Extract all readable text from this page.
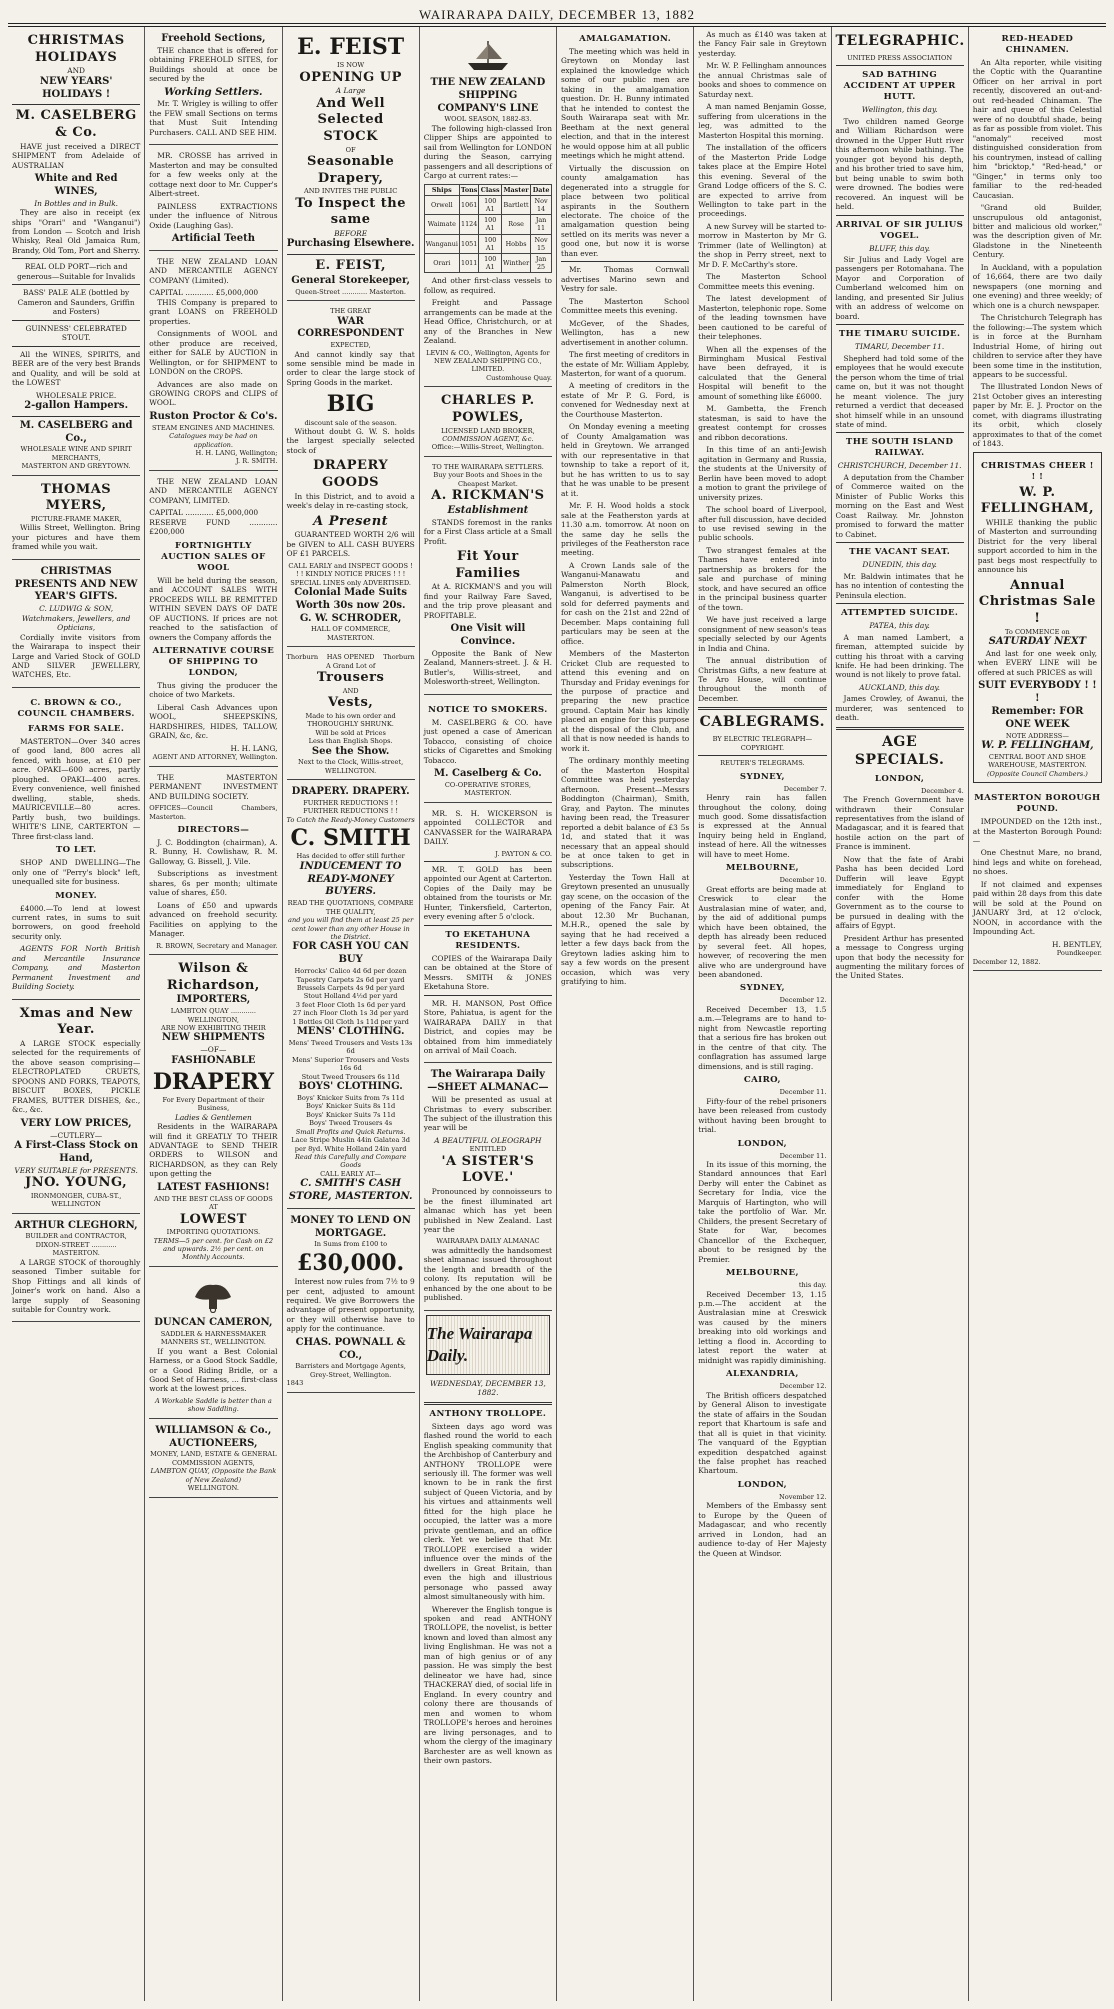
WAIRARAPA DAILY, DECEMBER 13, 1882
CHRISTMAS HOLIDAYS
AND
NEW YEARS' HOLIDAYS !
M. CASELBERG & Co.

HAVE just received a DIRECT SHIPMENT from Adelaide of AUSTRALIAN

White and Red WINES,
In Bottles and in Bulk.

They are also in receipt (ex ships "Orari" and "Wanganui") from London — Scotch and Irish Whisky, Real Old Jamaica Rum, Brandy, Old Tom, Port and Sherry.

REAL OLD PORT—rich and generous—Suitable for Invalids
BASS' PALE ALE (bottled by Cameron and Saunders, Griffin and Fosters)
GUINNESS' CELEBRATED STOUT.

All the WINES, SPIRITS, and BEER are of the very best Brands and Quality, and will be sold at the LOWEST

WHOLESALE PRICE.
2-gallon Hampers.
M. CASELBERG and Co.,
WHOLESALE WINE AND SPIRIT MERCHANTS,
MASTERTON AND GREYTOWN.
THOMAS MYERS,
PICTURE-FRAME MAKER,

Willis Street, Wellington. Bring your pictures and have them framed while you wait.

CHRISTMAS PRESENTS AND NEW YEAR'S GIFTS.
C. LUDWIG & SON, Watchmakers, Jewellers, and Opticians,

Cordially invite visitors from the Wairarapa to inspect their Large and Varied Stock of GOLD AND SILVER JEWELLERY, WATCHES, Etc.

C. BROWN & CO., COUNCIL CHAMBERS.
FARMS FOR SALE.

MASTERTON—Over 340 acres of good land, 800 acres all fenced, with house, at £10 per acre. OPAKI—600 acres, partly ploughed. OPAKI—400 acres. Every convenience, well finished dwelling, stable, sheds. MAURICEVILLE—80 acres. Partly bush, two buildings. WHITE'S LINE, CARTERTON — Three first-class land.

TO LET.

SHOP AND DWELLING—The only one of "Perry's block" left, unequalled site for business.

MONEY.

£4000.—To lend at lowest current rates, in sums to suit borrowers, on good freehold security only.

AGENTS FOR North British and Mercantile Insurance Company, and Masterton Permanent Investment and Building Society.

Xmas and New Year.

A LARGE STOCK especially selected for the requirements of the above season comprising— ELECTROPLATED CRUETS, SPOONS AND FORKS, TEAPOTS, BISCUIT BOXES, PICKLE FRAMES, BUTTER DISHES, &c., &c., &c.

VERY LOW PRICES,
—CUTLERY—
A First-Class Stock on Hand,
VERY SUITABLE for PRESENTS.
JNO. YOUNG,
IRONMONGER, CUBA-ST., WELLINGTON
ARTHUR CLEGHORN,
BUILDER and CONTRACTOR,
DIXON-STREET ............ MASTERTON.

A LARGE STOCK of thoroughly seasoned Timber suitable for Shop Fittings and all kinds of Joiner's work on hand. Also a large supply of Seasoning suitable for Country work.

Freehold Sections,

THE chance that is offered for obtaining FREEHOLD SITES, for Buildings should at once be secured by the

Working Settlers.

Mr. T. Wrigley is willing to offer the FEW small Sections on terms that Must Suit Intending Purchasers. CALL AND SEE HIM.

MR. CROSSE has arrived in Masterton and may be consulted for a few weeks only at the cottage next door to Mr. Cupper's Albert-street.

PAINLESS EXTRACTIONS under the influence of Nitrous Oxide (Laughing Gas).

Artificial Teeth

THE NEW ZEALAND LOAN AND MERCANTILE AGENCY COMPANY (Limited).

CAPITAL ............ £5,000,000

THIS Company is prepared to grant LOANS on FREEHOLD properties.

Consignments of WOOL and other produce are received, either for SALE by AUCTION in Wellington, or for SHIPMENT to LONDON on the CROPS.

Advances are also made on GROWING CROPS and CLIPS of WOOL.

Ruston Proctor & Co's.
STEAM ENGINES AND MACHINES.
Catalogues may be had on application.
H. H. LANG, Wellington;
J. R. SMITH.

THE NEW ZEALAND LOAN AND MERCANTILE AGENCY COMPANY, LIMITED.

CAPITAL ............ £5,000,000
RESERVE FUND ............ £200,000
FORTNIGHTLY AUCTION SALES OF WOOL

Will be held during the season, and ACCOUNT SALES WITH PROCEEDS WILL BE REMITTED WITHIN SEVEN DAYS OF DATE OF AUCTIONS. If prices are not reached to the satisfaction of owners the Company affords the

ALTERNATIVE COURSE OF SHIPPING TO LONDON,

Thus giving the producer the choice of two Markets.

Liberal Cash Advances upon WOOL, SHEEPSKINS, HARDSHIRES, HIDES, TALLOW, GRAIN, &c, &c.

H. H. LANG,
AGENT AND ATTORNEY, Wellington.

THE MASTERTON PERMANENT INVESTMENT AND BUILDING SOCIETY.

OFFICES—Council Chambers, Masterton.
DIRECTORS—

J. C. Boddington (chairman), A. R. Bunny, H. Cowlishaw, R. M. Galloway, G. Bissell, J. Vile.

Subscriptions as investment shares, 6s per month; ultimate value of shares, £50.

Loans of £50 and upwards advanced on freehold security. Facilities on applying to the Manager.

R. BROWN, Secretary and Manager.
Wilson & Richardson,
IMPORTERS,
LAMBTON QUAY ............ WELLINGTON,
ARE NOW EXHIBITING THEIR
NEW SHIPMENTS
—OF—
FASHIONABLE
DRAPERY
For Every Department of their Business,
Ladies & Gentlemen

Residents in the WAIRARAPA will find it GREATLY TO THEIR ADVANTAGE to SEND THEIR ORDERS to WILSON and RICHARDSON, as they can Rely upon getting the

LATEST FASHIONS!
AND THE BEST CLASS OF GOODS AT
LOWEST
IMPORTING QUOTATIONS.
TERMS—5 per cent. for Cash on £2 and upwards. 2½ per cent. on Monthly Accounts.
DUNCAN CAMERON,
SADDLER & HARNESSMAKER
MANNERS ST., WELLINGTON.

If you want a Best Colonial Harness, or a Good Stock Saddle, or a Good Riding Bridle, or a Good Set of Harness, ... first-class work at the lowest prices.

A Workable Saddle is better than a show Saddling.
WILLIAMSON & Co., AUCTIONEERS,
MONEY, LAND, ESTATE & GENERAL COMMISSION AGENTS,
LAMBTON QUAY, (Opposite the Bank of New Zealand)
WELLINGTON.
E. FEIST
IS NOW
OPENING UP
A Large
And Well Selected
STOCK
OF
Seasonable Drapery,
AND INVITES THE PUBLIC
To Inspect the same
BEFORE
Purchasing Elsewhere.
E. FEIST,
General Storekeeper,
Queen-Street ............ Masterton.
THE GREAT
WAR CORRESPONDENT
EXPECTED,

And cannot kindly say that some sensible mind be made in order to clear the large stock of Spring Goods in the market.

BIG
discount sale of the season.

Without doubt G. W. S. holds the largest specially selected stock of

DRAPERY GOODS

In this District, and to avoid a week's delay in re-casting stock,

A Present

GUARANTEED WORTH 2/6 will be GIVEN to ALL CASH BUYERS OF £1 PARCELS.

CALL EARLY and INSPECT GOODS ! ! ! KINDLY NOTICE PRICES ! ! !
SPECIAL LINES only ADVERTISED.
Colonial Made Suits Worth 30s now 20s.
G. W. SCHRODER,
HALL OF COMMERCE, MASTERTON.
Thorburn HAS OPENED Thorburn
A Grand Lot of
Trousers
AND
Vests,
Made to his own order and THOROUGHLY SHRUNK.
Will be sold at Prices
Less than English Shops.
See the Show.
Next to the Clock, Willis-street, WELLINGTON.
DRAPERY. DRAPERY.
FURTHER REDUCTIONS ! !
FURTHER REDUCTIONS ! !
To Catch the Ready-Money Customers
C. SMITH
Has decided to offer still further
INDUCEMENT TO
READY-MONEY BUYERS.
READ THE QUOTATIONS, COMPARE THE QUALITY,
and you will find them at least 25 per cent lower than any other House in the District.
FOR CASH YOU CAN BUY
Horrocks' Calico 4d 6d per dozen
Tapestry Carpets 2s 6d per yard
Brussels Carpets 4s 9d per yard
Stout Holland 4½d per yard
3 feet Floor Cloth 1s 6d per yard
27 inch Floor Cloth 1s 3d per yard
1 Bottles Oil Cloth 1s 11d per yard
MENS' CLOTHING.
Mens' Tweed Trousers and Vests 13s 6d
Mens' Superior Trousers and Vests 16s 6d
Stout Tweed Trousers 6s 11d
BOYS' CLOTHING.
Boys' Knicker Suits from 7s 11d
Boys' Knicker Suits 8s 11d
Boys' Knicker Suits 7s 11d
Boys' Tweed Trousers 4s
Small Profits and Quick Returns.
Lace Stripe Muslin 44in Galatea 3d per 8yd. White Holland 24in yard
Read this Carefully and Compare Goods
CALL EARLY AT—
C. SMITH'S CASH STORE, MASTERTON.
MONEY TO LEND ON MORTGAGE.
In Sums from £100 to
£30,000.

Interest now rules from 7½ to 9 per cent, adjusted to amount required. We give Borrowers the advantage of present opportunity, or they will otherwise have to apply for the continuance.

CHAS. POWNALL & CO.,
Barristers and Mortgage Agents, Grey-Street, Wellington.
1843
THE NEW ZEALAND SHIPPING COMPANY'S LINE
WOOL SEASON, 1882-83.

The following high-classed Iron Clipper Ships are appointed to sail from Wellington for LONDON during the Season, carrying passengers and all descriptions of Cargo at current rates:—

Ships	Tons	Class	Master	Date
Orwell	1061	100 A1	Bartlett	Nov 14
Waimate	1124	100 A1	Rose	Jan 11
Wanganui	1051	100 A1	Hobbs	Nov 15
Orari	1011	100 A1	Winther	Jan 25

And other first-class vessels to follow, as required.

Freight and Passage arrangements can be made at the Head Office, Christchurch, or at any of the Branches in New Zealand.

LEVIN & CO., Wellington, Agents for NEW ZEALAND SHIPPING CO., LIMITED.
Customhouse Quay.
CHARLES P. POWLES,
LICENSED LAND BROKER,
COMMISSION AGENT, &c.
Office:—Willis-Street, Wellington.
TO THE WAIRARAPA SETTLERS.
Buy your Boots and Shoes in the Cheapest Market.
A. RICKMAN'S
Establishment

STANDS foremost in the ranks for a First Class article at a Small Profit.

Fit Your Families

At A. RICKMAN'S and you will find your Railway Fare Saved, and the trip prove pleasant and PROFITABLE.

One Visit will Convince.

Opposite the Bank of New Zealand, Manners-street. J. & H. Butler's, Willis-street, and Molesworth-street, Wellington.

NOTICE TO SMOKERS.

M. CASELBERG & CO. have just opened a case of American Tobacco, consisting of choice sticks of Cigarettes and Smoking Tobacco.

M. Caselberg & Co.
CO-OPERATIVE STORES, MASTERTON.

MR. S. H. WICKERSON is appointed COLLECTOR and CANVASSER for the WAIRARAPA DAILY.

J. PAYTON & CO.

MR. T. GOLD has been appointed our Agent at Carterton. Copies of the Daily may be obtained from the tourists or Mr. Hunter, Tinkersfield, Carterton, every evening after 5 o'clock.

TO EKETAHUNA RESIDENTS.

COPIES of the Wairarapa Daily can be obtained at the Store of Messrs. SMITH & JONES Eketahuna Store.

MR. H. MANSON, Post Office Store, Pahiatua, is agent for the WAIRARAPA DAILY in that District, and copies may be obtained from him immediately on arrival of Mail Coach.

The Wairarapa Daily
—SHEET ALMANAC—

Will be presented as usual at Christmas to every subscriber. The subject of the illustration this year will be

A BEAUTIFUL OLEOGRAPH
ENTITLED
'A SISTER'S LOVE.'

Pronounced by connoisseurs to be the finest illuminated art almanac which has yet been published in New Zealand. Last year the

WAIRARAPA DAILY ALMANAC

was admittedly the handsomest sheet almanac issued throughout the length and breadth of the colony. Its reputation will be enhanced by the one about to be published.

The Wairarapa Daily.
WEDNESDAY, DECEMBER 13, 1882.
ANTHONY TROLLOPE.

Sixteen days ago word was flashed round the world to each English speaking community that the Archbishop of Canterbury and ANTHONY TROLLOPE were seriously ill. The former was well known to be in rank the first subject of Queen Victoria, and by his virtues and attainments well fitted for the high place he occupied, the latter was a more private gentleman, and an office clerk. Yet we believe that Mr. TROLLOPE exercised a wider influence over the minds of the dwellers in Great Britain, than even the high and illustrious personage who passed away almost simultaneously with him.

Wherever the English tongue is spoken and read ANTHONY TROLLOPE, the novelist, is better known and loved than almost any living Englishman. He was not a man of high genius or of any passion. He was simply the best delineator we have had, since THACKERAY died, of social life in England. In every country and colony there are thousands of men and women to whom TROLLOPE's heroes and heroines are living personages, and to whom the clergy of the imaginary Barchester are as well known as their own pastors.

AMALGAMATION.

The meeting which was held in Greytown on Monday last explained the knowledge which some of our public men are taking in the amalgamation question. Dr. H. Bunny intimated that he intended to contest the South Wairarapa seat with Mr. Beetham at the next general election, and that in the interest he would oppose him at all public meetings which he might attend.

Virtually the discussion on county amalgamation has degenerated into a struggle for place between two political aspirants in the Southern electorate. The choice of the amalgamation question being settled on its merits was never a good one, but now it is worse than ever.

Mr. Thomas Cornwall advertises Marino sewn and Vestry for sale.

The Masterton School Committee meets this evening.

McGever, of the Shades, Wellington, has a new advertisement in another column.

The first meeting of creditors in the estate of Mr. William Appleby, Masterton, for want of a quorum.

A meeting of creditors in the estate of Mr P. G. Ford, is convened for Wednesday next at the Courthouse Masterton.

On Monday evening a meeting of County Amalgamation was held in Greytown. We arranged with our representative in that township to take a report of it, but he has written to us to say that he was unable to be present at it.

Mr. F. H. Wood holds a stock sale at the Featherston yards at 11.30 a.m. tomorrow. At noon on the same day he sells the privileges of the Featherston race meeting.

A Crown Lands sale of the Wanganui-Manawatu and Palmerston North Block, Wanganui, is advertised to be sold for deferred payments and for cash on the 21st and 22nd of December. Maps containing full particulars may be seen at the office.

Members of the Masterton Cricket Club are requested to attend this evening and on Thursday and Friday evenings for the purpose of practice and preparing the new practice ground. Captain Mair has kindly placed an engine for this purpose at the disposal of the Club, and all that is now needed is hands to work it.

The ordinary monthly meeting of the Masterton Hospital Committee was held yesterday afternoon. Present—Messrs Boddington (Chairman), Smith, Gray, and Payton. The minutes having been read, the Treasurer reported a debit balance of £3 5s 1d, and stated that it was necessary that an appeal should be at once taken to get in subscriptions.

Yesterday the Town Hall at Greytown presented an unusually gay scene, on the occasion of the opening of the Fancy Fair. At about 12.30 Mr Buchanan, M.H.R., opened the sale by saying that he had received a letter a few days back from the Greytown ladies asking him to say a few words on the present occasion, which was very gratifying to him.

As much as £140 was taken at the Fancy Fair sale in Greytown yesterday.

Mr. W. P. Fellingham announces the annual Christmas sale of books and shoes to commence on Saturday next.

A man named Benjamin Gosse, suffering from ulcerations in the leg, was admitted to the Masterton Hospital this morning.

The installation of the officers of the Masterton Pride Lodge takes place at the Empire Hotel this evening. Several of the Grand Lodge officers of the S. C. are expected to arrive from Wellington to take part in the proceedings.

A new Survey will be started to-morrow in Masterton by Mr G. Trimmer (late of Wellington) at the shop in Perry street, next to Mr D. F. McCarthy's store.

The Masterton School Committee meets this evening.

The latest development of Masterton, telephonic rope. Some of the leading townsmen have been cautioned to be careful of their telephones.

When all the expenses of the Birmingham Musical Festival have been defrayed, it is calculated that the General Hospital will benefit to the amount of something like £6000.

M. Gambetta, the French statesman, is said to have the greatest contempt for crosses and ribbon decorations.

In this time of an anti-Jewish agitation in Germany and Russia, the students at the University of Berlin have been moved to adopt a motion to grant the privilege of university prizes.

The school board of Liverpool, after full discussion, have decided to use revised sewing in the public schools.

Two strangest females at the Thames have entered into partnership as brokers for the sale and purchase of mining stock, and have secured an office in the principal business quarter of the town.

We have just received a large consignment of new season's teas specially selected by our Agents in India and China.

The annual distribution of Christmas Gifts, a new feature at Te Aro House, will continue throughout the month of December.

CABLEGRAMS.
BY ELECTRIC TELEGRAPH—COPYRIGHT.
REUTER'S TELEGRAMS.
SYDNEY,
December 7.

Henry rain has fallen throughout the colony, doing much good. Some dissatisfaction is expressed at the Annual Inquiry being held in England, instead of here. All the witnesses will have to meet Home.

MELBOURNE,
December 10.

Great efforts are being made at Creswick to clear the Australasian mine of water, and, by the aid of additional pumps which have been obtained, the depth has already been reduced by several feet. All hopes, however, of recovering the men alive who are underground have been abandoned.

SYDNEY,
December 12.

Received December 13, 1.5 a.m.—Telegrams are to hand to-night from Newcastle reporting that a serious fire has broken out in the centre of that city. The conflagration has assumed large dimensions, and is still raging.

CAIRO,
December 11.

Fifty-four of the rebel prisoners have been released from custody without having been brought to trial.

LONDON,
December 11.

In its issue of this morning, the Standard announces that Earl Derby will enter the Cabinet as Secretary for India, vice the Marquis of Hartington, who will take the portfolio of War. Mr. Childers, the present Secretary of State for War, becomes Chancellor of the Exchequer, about to be resigned by the Premier.

MELBOURNE,
this day.

Received December 13, 1.15 p.m.—The accident at the Australasian mine at Creswick was caused by the miners breaking into old workings and letting a flood in. According to latest report the water at midnight was rapidly diminishing.

ALEXANDRIA,
December 12.

The British officers despatched by General Alison to investigate the state of affairs in the Soudan report that Khartoum is safe and that all is quiet in that vicinity. The vanquard of the Egyptian expedition despatched against the false prophet has reached Khartoum.

LONDON,
November 12.

Members of the Embassy sent to Europe by the Queen of Madagascar, and who recently arrived in London, had an audience to-day of Her Majesty the Queen at Windsor.

TELEGRAPHIC.
UNITED PRESS ASSOCIATION
SAD BATHING ACCIDENT AT UPPER HUTT.
Wellington, this day.

Two children named George and William Richardson were drowned in the Upper Hutt river this afternoon while bathing. The younger got beyond his depth, and his brother tried to save him, but being unable to swim both were drowned. The bodies were recovered. An inquest will be held.

ARRIVAL OF SIR JULIUS VOGEL.
BLUFF, this day.

Sir Julius and Lady Vogel are passengers per Rotomahana. The Mayor and Corporation of Cumberland welcomed him on landing, and presented Sir Julius with an address of welcome on board.

THE TIMARU SUICIDE.
TIMARU, December 11.

Shepherd had told some of the employees that he would execute the person whom the time of trial came on, but it was not thought he meant violence. The jury returned a verdict that deceased shot himself while in an unsound state of mind.

THE SOUTH ISLAND RAILWAY.
CHRISTCHURCH, December 11.

A deputation from the Chamber of Commerce waited on the Minister of Public Works this morning on the East and West Coast Railway. Mr. Johnston promised to forward the matter to Cabinet.

THE VACANT SEAT.
DUNEDIN, this day.

Mr. Baldwin intimates that he has no intention of contesting the Peninsula election.

ATTEMPTED SUICIDE.
PATEA, this day.

A man named Lambert, a fireman, attempted suicide by cutting his throat with a carving knife. He had been drinking. The wound is not likely to prove fatal.

AUCKLAND, this day.

James Crowley, of Awanui, the murderer, was sentenced to death.

AGE SPECIALS.
LONDON,
December 4.

The French Government have withdrawn their Consular representatives from the island of Madagascar, and it is feared that hostile action on the part of France is imminent.

Now that the fate of Arabi Pasha has been decided Lord Dufferin will leave Egypt immediately for England to confer with the Home Government as to the course to be pursued in dealing with the affairs of Egypt.

President Arthur has presented a message to Congress urging upon that body the necessity for augmenting the military forces of the United States.

RED-HEADED CHINAMEN.

An Alta reporter, while visiting the Coptic with the Quarantine Officer on her arrival in port recently, discovered an out-and-out red-headed Chinaman. The hair and queue of this Celestial were of no doubtful shade, being as far as possible from violet. This "anomaly" received most distinguished consideration from his countrymen, instead of calling him "bricktop," "Red-head," or "Ginger," in terms only too familiar to the red-headed Caucasian.

"Grand old Builder, unscrupulous old antagonist, bitter and malicious old worker," was the description given of Mr. Gladstone in the Nineteenth Century.

In Auckland, with a population of 16,664, there are two daily newspapers (one morning and one evening) and three weekly; of which one is a church newspaper.

The Christchurch Telegraph has the following:—The system which is in force at the Burnham Industrial Home, of hiring out children to service after they have been some time in the institution, appears to be successful.

The Illustrated London News of 21st October gives an interesting paper by Mr. E. J. Proctor on the comet, with diagrams illustrating its orbit, which closely approximates to that of the comet of 1843.

CHRISTMAS CHEER ! ! !
W. P. FELLINGHAM,

WHILE thanking the public of Masterton and surrounding District for the very liberal support accorded to him in the past begs most respectfully to announce his

Annual Christmas Sale !
To COMMENCE on
SATURDAY NEXT

And last for one week only, when EVERY LINE will be offered at such PRICES as will

SUIT EVERYBODY ! ! !
Remember: FOR ONE WEEK
NOTE ADDRESS—
W. P. FELLINGHAM,
CENTRAL BOOT AND SHOE WAREHOUSE, MASTERTON.
(Opposite Council Chambers.)
MASTERTON BOROUGH POUND.

IMPOUNDED on the 12th inst., at the Masterton Borough Pound:—

One Chestnut Mare, no brand, hind legs and white on forehead, no shoes.

If not claimed and expenses paid within 28 days from this date will be sold at the Pound on JANUARY 3rd, at 12 o'clock, NOON, in accordance with the Impounding Act.

H. BENTLEY,
Poundkeeper.
December 12, 1882.
